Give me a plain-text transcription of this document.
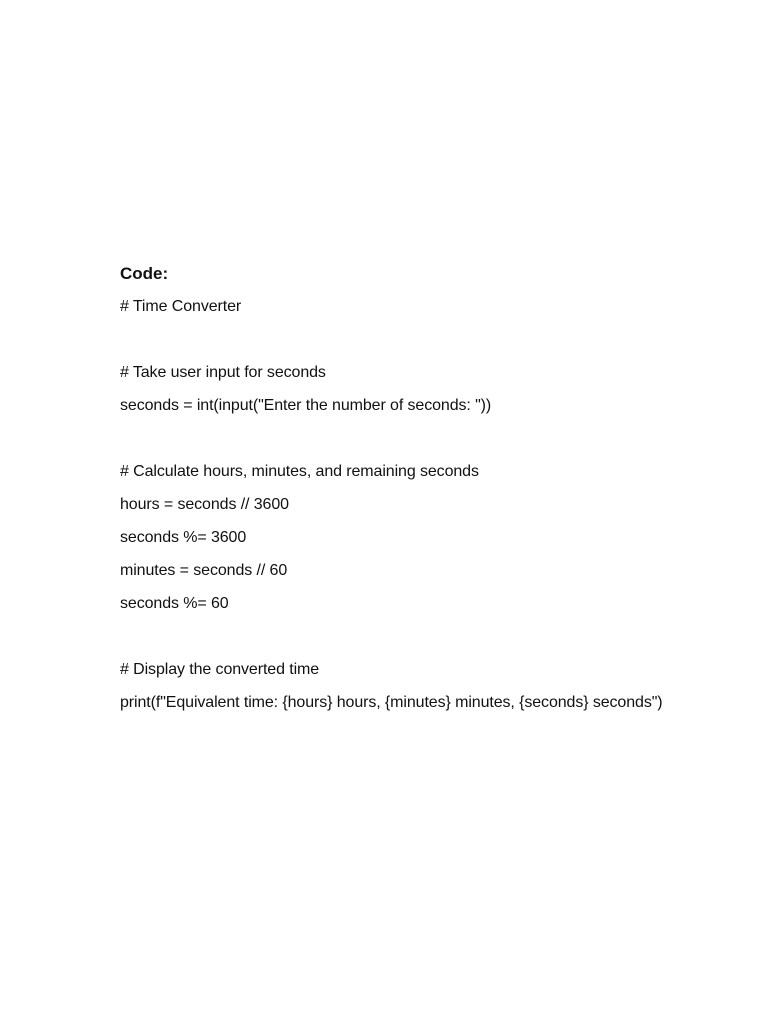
Code:
# Time Converter
# Take user input for seconds
seconds = int(input("Enter the number of seconds: "))
# Calculate hours, minutes, and remaining seconds
hours = seconds // 3600
seconds %= 3600
minutes = seconds // 60
seconds %= 60
# Display the converted time
print(f"Equivalent time: {hours} hours, {minutes} minutes, {seconds} seconds")
